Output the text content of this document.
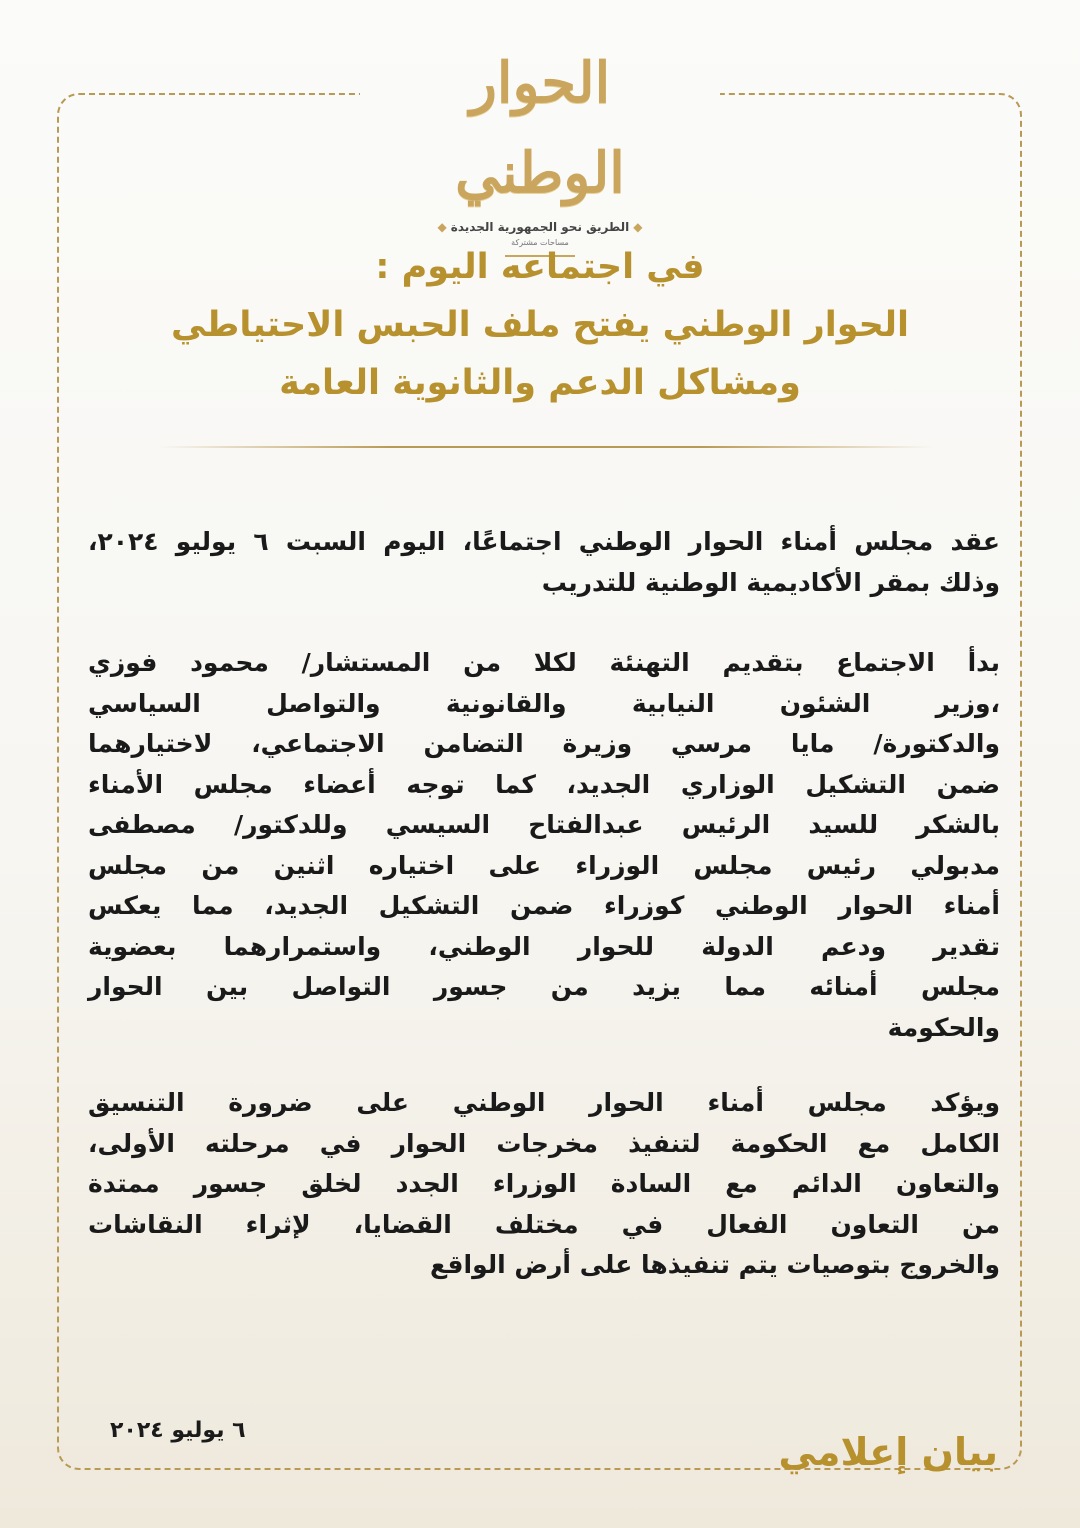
الحوار الوطني
◆الطريق نحو الجمهورية الجديدة◆
مساحات مشتركة
في اجتماعه اليوم :
الحوار الوطني يفتح ملف الحبس الاحتياطي
ومشاكل الدعم والثانوية العامة
عقد مجلس أمناء الحوار الوطني اجتماعًا، اليوم السبت ٦ يوليو ٢٠٢٤،
وذلك بمقر الأكاديمية الوطنية للتدريب
بدأ الاجتماع بتقديم التهنئة لكلا من المستشار/ محمود فوزي
،وزير الشئون النيابية والقانونية والتواصل السياسي
والدكتورة/ مايا مرسي وزيرة التضامن الاجتماعي، لاختيارهما
ضمن التشكيل الوزاري الجديد، كما توجه أعضاء مجلس الأمناء
بالشكر للسيد الرئيس عبدالفتاح السيسي وللدكتور/ مصطفى
مدبولي رئيس مجلس الوزراء على اختياره اثنين من مجلس
أمناء الحوار الوطني كوزراء ضمن التشكيل الجديد، مما يعكس
تقدير ودعم الدولة للحوار الوطني، واستمرارهما بعضوية
مجلس أمنائه مما يزيد من جسور التواصل بين الحوار
والحكومة
ويؤكد مجلس أمناء الحوار الوطني على ضرورة التنسيق
الكامل مع الحكومة لتنفيذ مخرجات الحوار في مرحلته الأولى،
والتعاون الدائم مع السادة الوزراء الجدد لخلق جسور ممتدة
من التعاون الفعال في مختلف القضايا، لإثراء النقاشات
والخروج بتوصيات يتم تنفيذها على أرض الواقع
بيان إعلامي
٦ يوليو ٢٠٢٤
